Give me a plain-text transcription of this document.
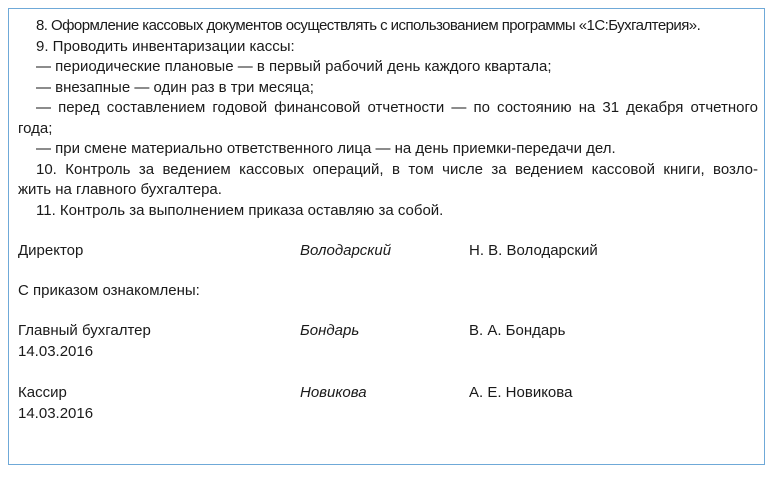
8. Оформление кассовых документов осуществлять с использованием программы «1С:Бухгалтерия».
9. Проводить инвентаризации кассы:
— периодические плановые — в первый рабочий день каждого квартала;
— внезапные — один раз в три месяца;
— перед составлением годовой финансовой отчетности — по состоянию на 31 декабря отчетного
года;
— при смене материально ответственного лица — на день приемки-передачи дел.
10. Контроль за ведением кассовых операций, в том числе за ведением кассовой книги, возло-
жить на главного бухгалтера.
11. Контроль за выполнением приказа оставляю за собой.
Директор	Володарский	Н. В. Володарский
С приказом ознакомлены:
Главный бухгалтер	Бондарь	В. А. Бондарь
14.03.2016
Кассир	Новикова	А. Е. Новикова
14.03.2016
